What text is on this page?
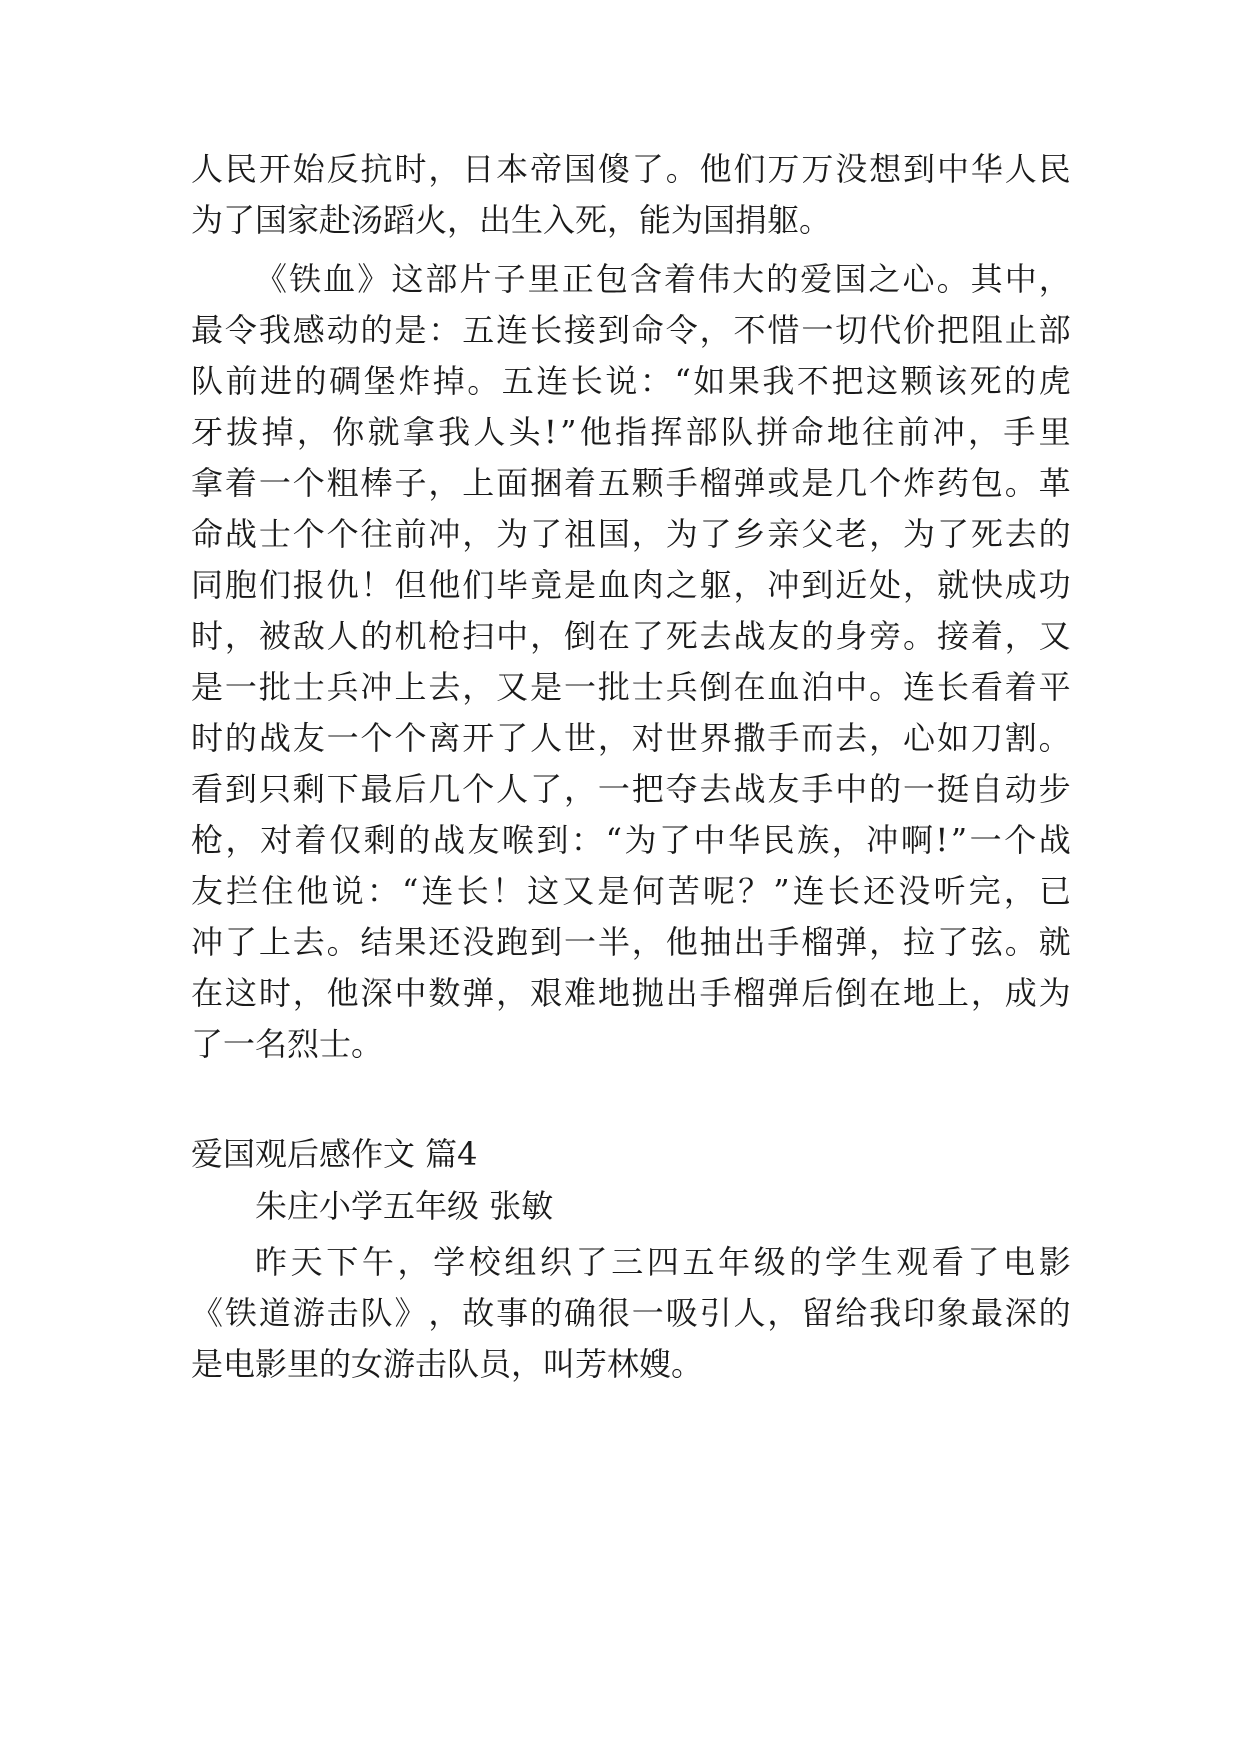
人 民 开 始 反 抗 时 ， 日 本 帝 国 傻 了 。 他 们 万 万 没 想 到 中 华 人 民
为了国家赴汤蹈火，出生入死，能为国捐躯。
《 铁 血 》 这 部 片 子 里 正 包 含 着 伟 大 的 爱 国 之 心 。 其 中 ，
最 令 我 感 动 的 是 ： 五 连 长 接 到 命 令 ， 不 惜 一 切 代 价 把 阻 止 部
队 前 进 的 碉 堡 炸 掉 。 五 连 长 说 ： “ 如 果 我 不 把 这 颗 该 死 的 虎
牙 拔 掉 ， 你 就 拿 我 人 头 ! ” 他 指 挥 部 队 拼 命 地 往 前 冲 ， 手 里
拿 着 一 个 粗 棒 子 ， 上 面 捆 着 五 颗 手 榴 弹 或 是 几 个 炸 药 包 。 革
命 战 士 个 个 往 前 冲 ， 为 了 祖 国 ， 为 了 乡 亲 父 老 ， 为 了 死 去 的
同 胞 们 报 仇 ！ 但 他 们 毕 竟 是 血 肉 之 躯 ， 冲 到 近 处 ， 就 快 成 功
时 ， 被 敌 人 的 机 枪 扫 中 ， 倒 在 了 死 去 战 友 的 身 旁 。 接 着 ， 又
是 一 批 士 兵 冲 上 去 ， 又 是 一 批 士 兵 倒 在 血 泊 中 。 连 长 看 着 平
时 的 战 友 一 个 个 离 开 了 人 世 ， 对 世 界 撒 手 而 去 ， 心 如 刀 割 。
看 到 只 剩 下 最 后 几 个 人 了 ， 一 把 夺 去 战 友 手 中 的 一 挺 自 动 步
枪 ， 对 着 仅 剩 的 战 友 喉 到 ： “ 为 了 中 华 民 族 ， 冲 啊 ! ” 一 个 战
友 拦 住 他 说 ： “ 连 长 ！ 这 又 是 何 苦 呢 ？ ” 连 长 还 没 听 完 ， 已
冲 了 上 去 。 结 果 还 没 跑 到 一 半 ， 他 抽 出 手 榴 弹 ， 拉 了 弦 。 就
在 这 时 ， 他 深 中 数 弹 ， 艰 难 地 抛 出 手 榴 弹 后 倒 在 地 上 ， 成 为
了一名烈士。
爱国观后感作文 篇4
朱庄小学五年级 张敏
昨 天 下 午 ， 学 校 组 织 了 三 四 五 年 级 的 学 生 观 看 了 电 影
《 铁 道 游 击 队 》 ， 故 事 的 确 很 一 吸 引 人 ， 留 给 我 印 象 最 深 的
是电影里的女游击队员，叫芳林嫂。
